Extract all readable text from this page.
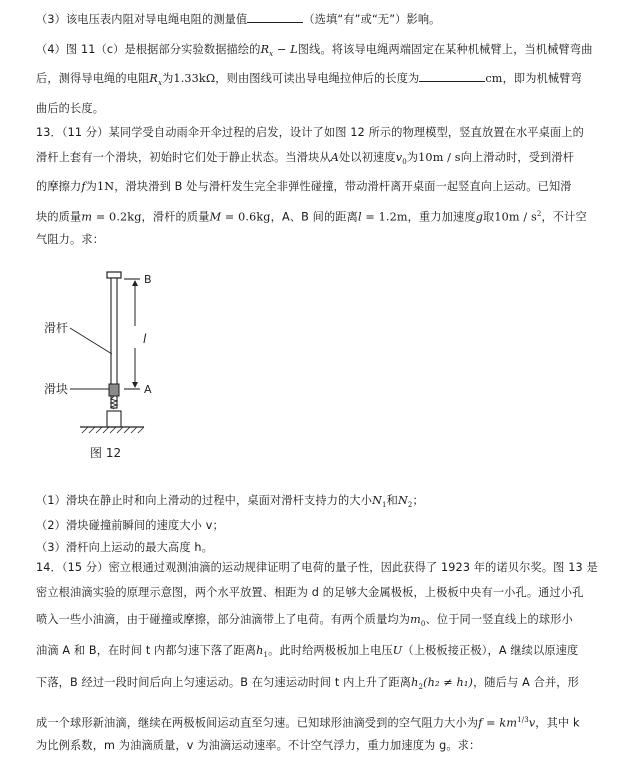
（3）该电压表内阻对导电绳电阻的测量值	（选填“有”或“无”）影响。
（4）图 11（c）是根据部分实验数据描绘的$R_x - L$图线。将该导电绳两端固定在某种机械臂上，当机械臂弯曲
后，测得导电绳的电阻$R_x$为1.33kΩ，则由图线可读出导电绳拉伸后的长度为	cm，即为机械臂弯
曲后的长度。
13．（11 分）某同学受自动雨伞开伞过程的启发，设计了如图 12 所示的物理模型，竖直放置在水平桌面上的
滑杆上套有一个滑块，初始时它们处于静止状态。当滑块从A处以初速度$v_0$为10m / s向上滑动时，受到滑杆
的摩擦力f为1N，滑块滑到 B 处与滑杆发生完全非弹性碰撞，带动滑杆离开桌面一起竖直向上运动。已知滑
块的质量m = 0.2kg，滑杆的质量M = 0.6kg，A、B 间的距离l = 1.2m，重力加速度g取$10m / s^2$，不计空
气阻力。求：
B
l
滑杆
滑块	A
图 12
（1）滑块在静止时和向上滑动的过程中，桌面对滑杆支持力的大小$N_1$和$N_2$；
（2）滑块碰撞前瞬间的速度大小 v；
（3）滑杆向上运动的最大高度 h。
14．（15 分）密立根通过观测油滴的运动规律证明了电荷的量子性，因此获得了 1923 年的诺贝尔奖。图 13 是
密立根油滴实验的原理示意图，两个水平放置、相距为 d 的足够大金属极板，上极板中央有一小孔。通过小孔
喷入一些小油滴，由于碰撞或摩擦，部分油滴带上了电荷。有两个质量均为$m_0$、位于同一竖直线上的球形小
油滴 A 和 B，在时间 t 内都匀速下落了距离$h_1$。此时给两极板加上电压U（上极板接正极），A 继续以原速度
下落，B 经过一段时间后向上匀速运动。B 在匀速运动时间 t 内上升了距离$h_2(h_2 \ne h_1)$，随后与 A 合并，形
成一个球形新油滴，继续在两极板间运动直至匀速。已知球形油滴受到的空气阻力大小为$f = km^{1/3}v$，其中 k
为比例系数，m 为油滴质量，v 为油滴运动速率。不计空气浮力，重力加速度为 g。求：
